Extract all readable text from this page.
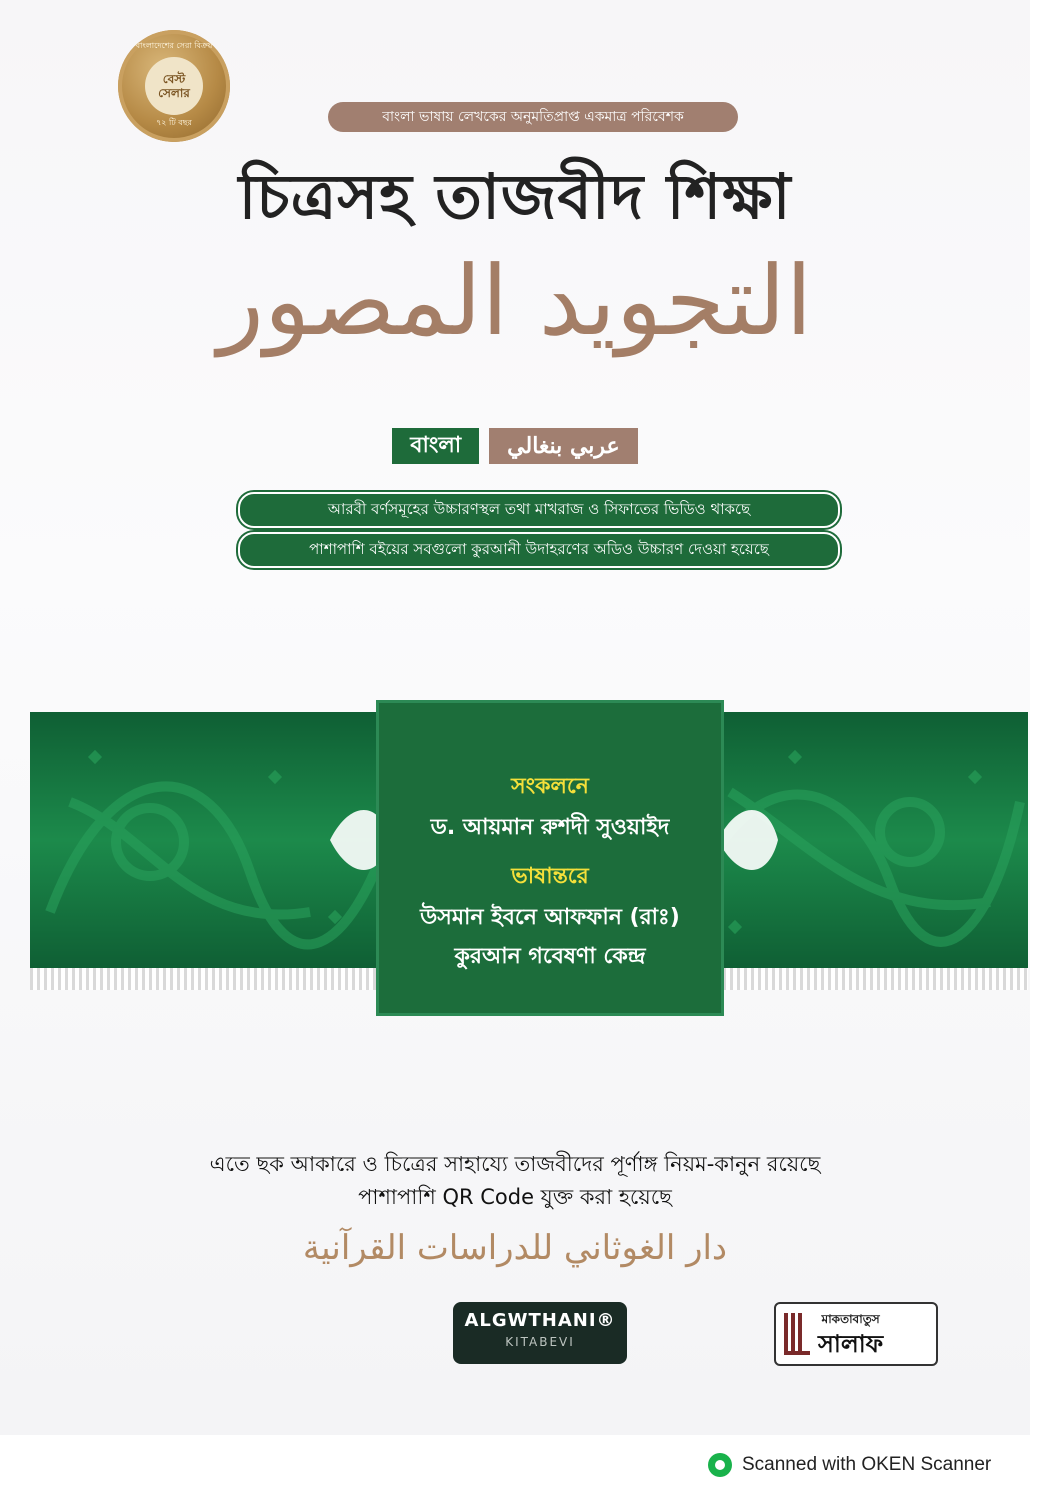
বাংলাদেশের সেরা বিক্রয়
বেস্ট সেলার
৭২ টি বছর	বাংলা ভাষায় লেখকের অনুমতিপ্রাপ্ত একমাত্র পরিবেশক
চিত্রসহ তাজবীদ শিক্ষা
التجويد المصور
বাংলা	عربي بنغالي
আরবী বর্ণসমূহের উচ্চারণস্থল তথা মাখরাজ ও সিফাতের ভিডিও থাকছে
পাশাপাশি বইয়ের সবগুলো কুরআনী উদাহরণের অডিও উচ্চারণ দেওয়া হয়েছে
সংকলনে
ড. আয়মান রুশদী সুওয়াইদ
ভাষান্তরে
উসমান ইবনে আফফান (রাঃ)
কুরআন গবেষণা কেন্দ্র
এতে ছক আকারে ও চিত্রের সাহায্যে তাজবীদের পূর্ণাঙ্গ নিয়ম-কানুন রয়েছে
পাশাপাশি QR Code যুক্ত করা হয়েছে
دار الغوثاني للدراسات القرآنية
ALGWTHANI®
KITABEVI
মাকতাবাতুস
সালাফ
Scanned with OKEN Scanner
